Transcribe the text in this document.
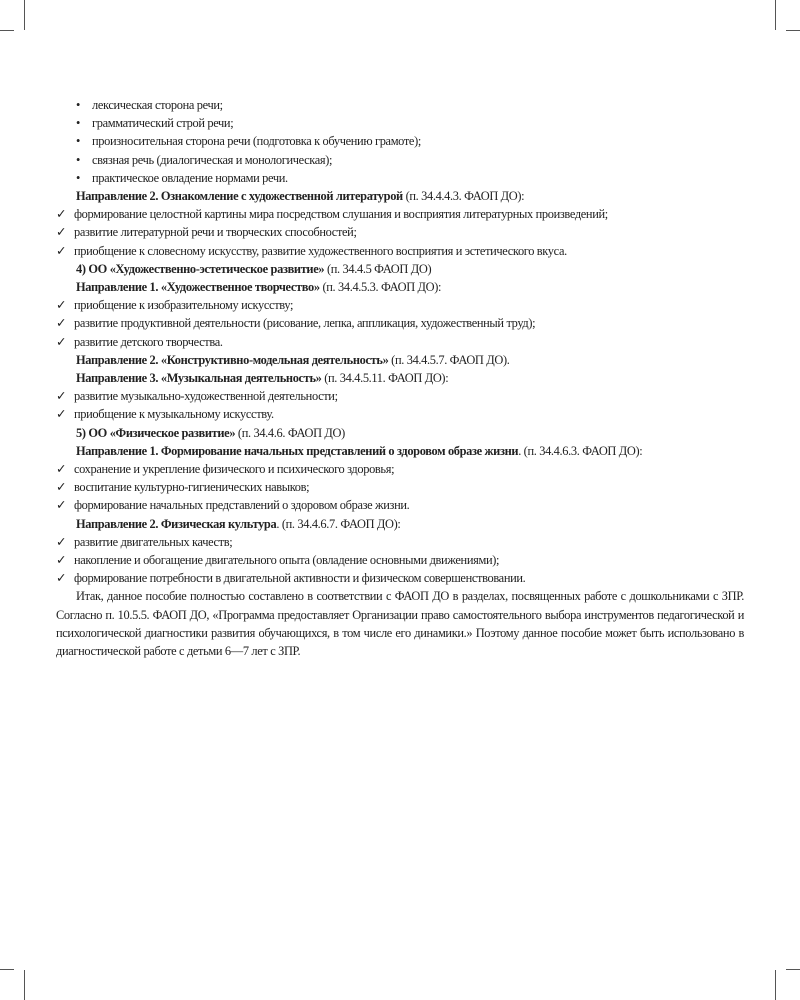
• лексическая сторона речи;
• грамматический строй речи;
• произносительная сторона речи (подготовка к обучению грамоте);
• связная речь (диалогическая и монологическая);
• практическое овладение нормами речи.
Направление 2. Ознакомление с художественной литературой (п. 34.4.4.3. ФАОП ДО):
✓ формирование целостной картины мира посредством слушания и восприятия литературных произведений;
✓ развитие литературной речи и творческих способностей;
✓ приобщение к словесному искусству, развитие художественного восприятия и эстетического вкуса.
4) ОО «Художественно-эстетическое развитие» (п. 34.4.5 ФАОП ДО)
Направление 1. «Художественное творчество» (п. 34.4.5.3. ФАОП ДО):
✓ приобщение к изобразительному искусству;
✓ развитие продуктивной деятельности (рисование, лепка, аппликация, художественный труд);
✓ развитие детского творчества.
Направление 2. «Конструктивно-модельная деятельность» (п. 34.4.5.7. ФАОП ДО).
Направление 3. «Музыкальная деятельность» (п. 34.4.5.11. ФАОП ДО):
✓ развитие музыкально-художественной деятельности;
✓ приобщение к музыкальному искусству.
5) ОО «Физическое развитие» (п. 34.4.6. ФАОП ДО)
Направление 1. Формирование начальных представлений о здоровом образе жизни. (п. 34.4.6.3. ФАОП ДО):
✓ сохранение и укрепление физического и психического здоровья;
✓ воспитание культурно-гигиенических навыков;
✓ формирование начальных представлений о здоровом образе жизни.
Направление 2. Физическая культура. (п. 34.4.6.7. ФАОП ДО):
✓ развитие двигательных качеств;
✓ накопление и обогащение двигательного опыта (овладение основными движениями);
✓ формирование потребности в двигательной активности и физическом совершенствовании.
Итак, данное пособие полностью составлено в соответствии с ФАОП ДО в разделах, посвященных работе с дошкольниками с ЗПР. Согласно п. 10.5.5. ФАОП ДО, «Программа предоставляет Организации право самостоятельного выбора инструментов педагогической и психологической диагностики развития обучающихся, в том числе его динамики.» Поэтому данное пособие может быть использовано в диагностической работе с детьми 6—7 лет с ЗПР.
